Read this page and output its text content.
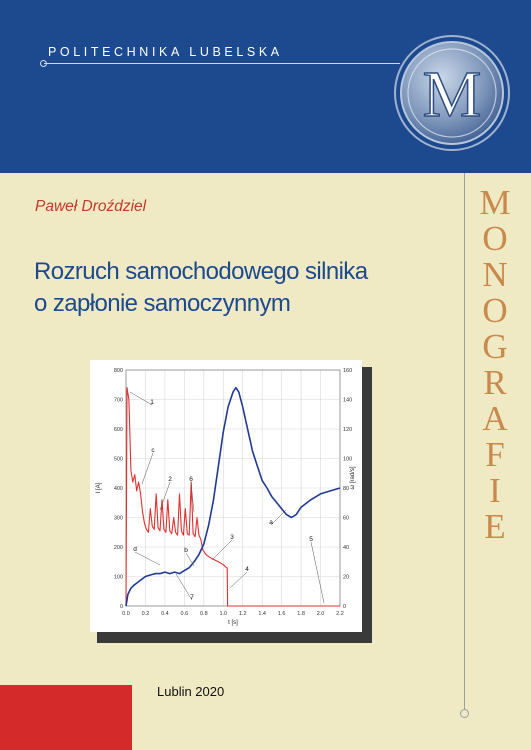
POLITECHNIKA LUBELSKA
M
M
O
N
O
G
R
A
F
I
E
Paweł Droździel
Rozruch samochodowego silnika
o zapłonie samoczynnym
0.0 0.2 0.4 0.6 0.8 1.0 1.2 1.4 1.6 1.8 2.0 2.2
0
100
200
300
400
500
600
700
800
0
20
40
60
80
100
120
140
160
t [s]
I [A]	ω [rad/s]
1
2
3
4
5
6
7
a
b
c
d
Lublin 2020
